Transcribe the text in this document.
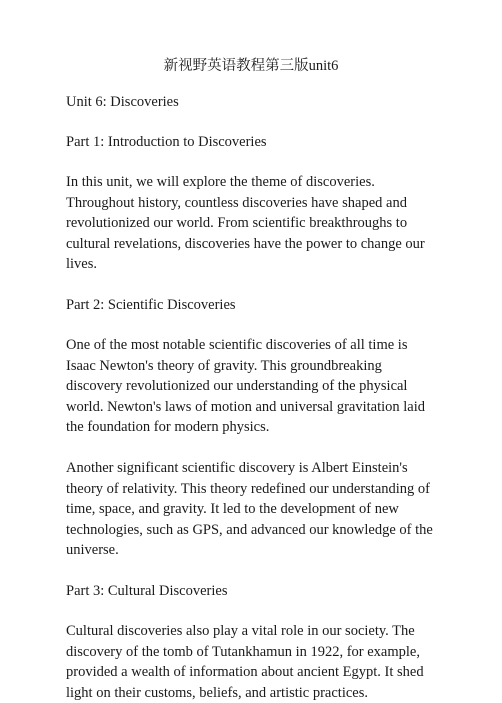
新视野英语教程第三版unit6
Unit 6: Discoveries
Part 1: Introduction to Discoveries

In this unit, we will explore the theme of discoveries. Throughout history, countless discoveries have shaped and revolutionized our world. From scientific breakthroughs to cultural revelations, discoveries have the power to change our lives.

Part 2: Scientific Discoveries

One of the most notable scientific discoveries of all time is Isaac Newton's theory of gravity. This groundbreaking discovery revolutionized our understanding of the physical world. Newton's laws of motion and universal gravitation laid the foundation for modern physics.

Another significant scientific discovery is Albert Einstein's theory of relativity. This theory redefined our understanding of time, space, and gravity. It led to the development of new technologies, such as GPS, and advanced our knowledge of the universe.

Part 3: Cultural Discoveries

Cultural discoveries also play a vital role in our society. The discovery of the tomb of Tutankhamun in 1922, for example, provided a wealth of information about ancient Egypt. It shed light on their customs, beliefs, and artistic practices.
